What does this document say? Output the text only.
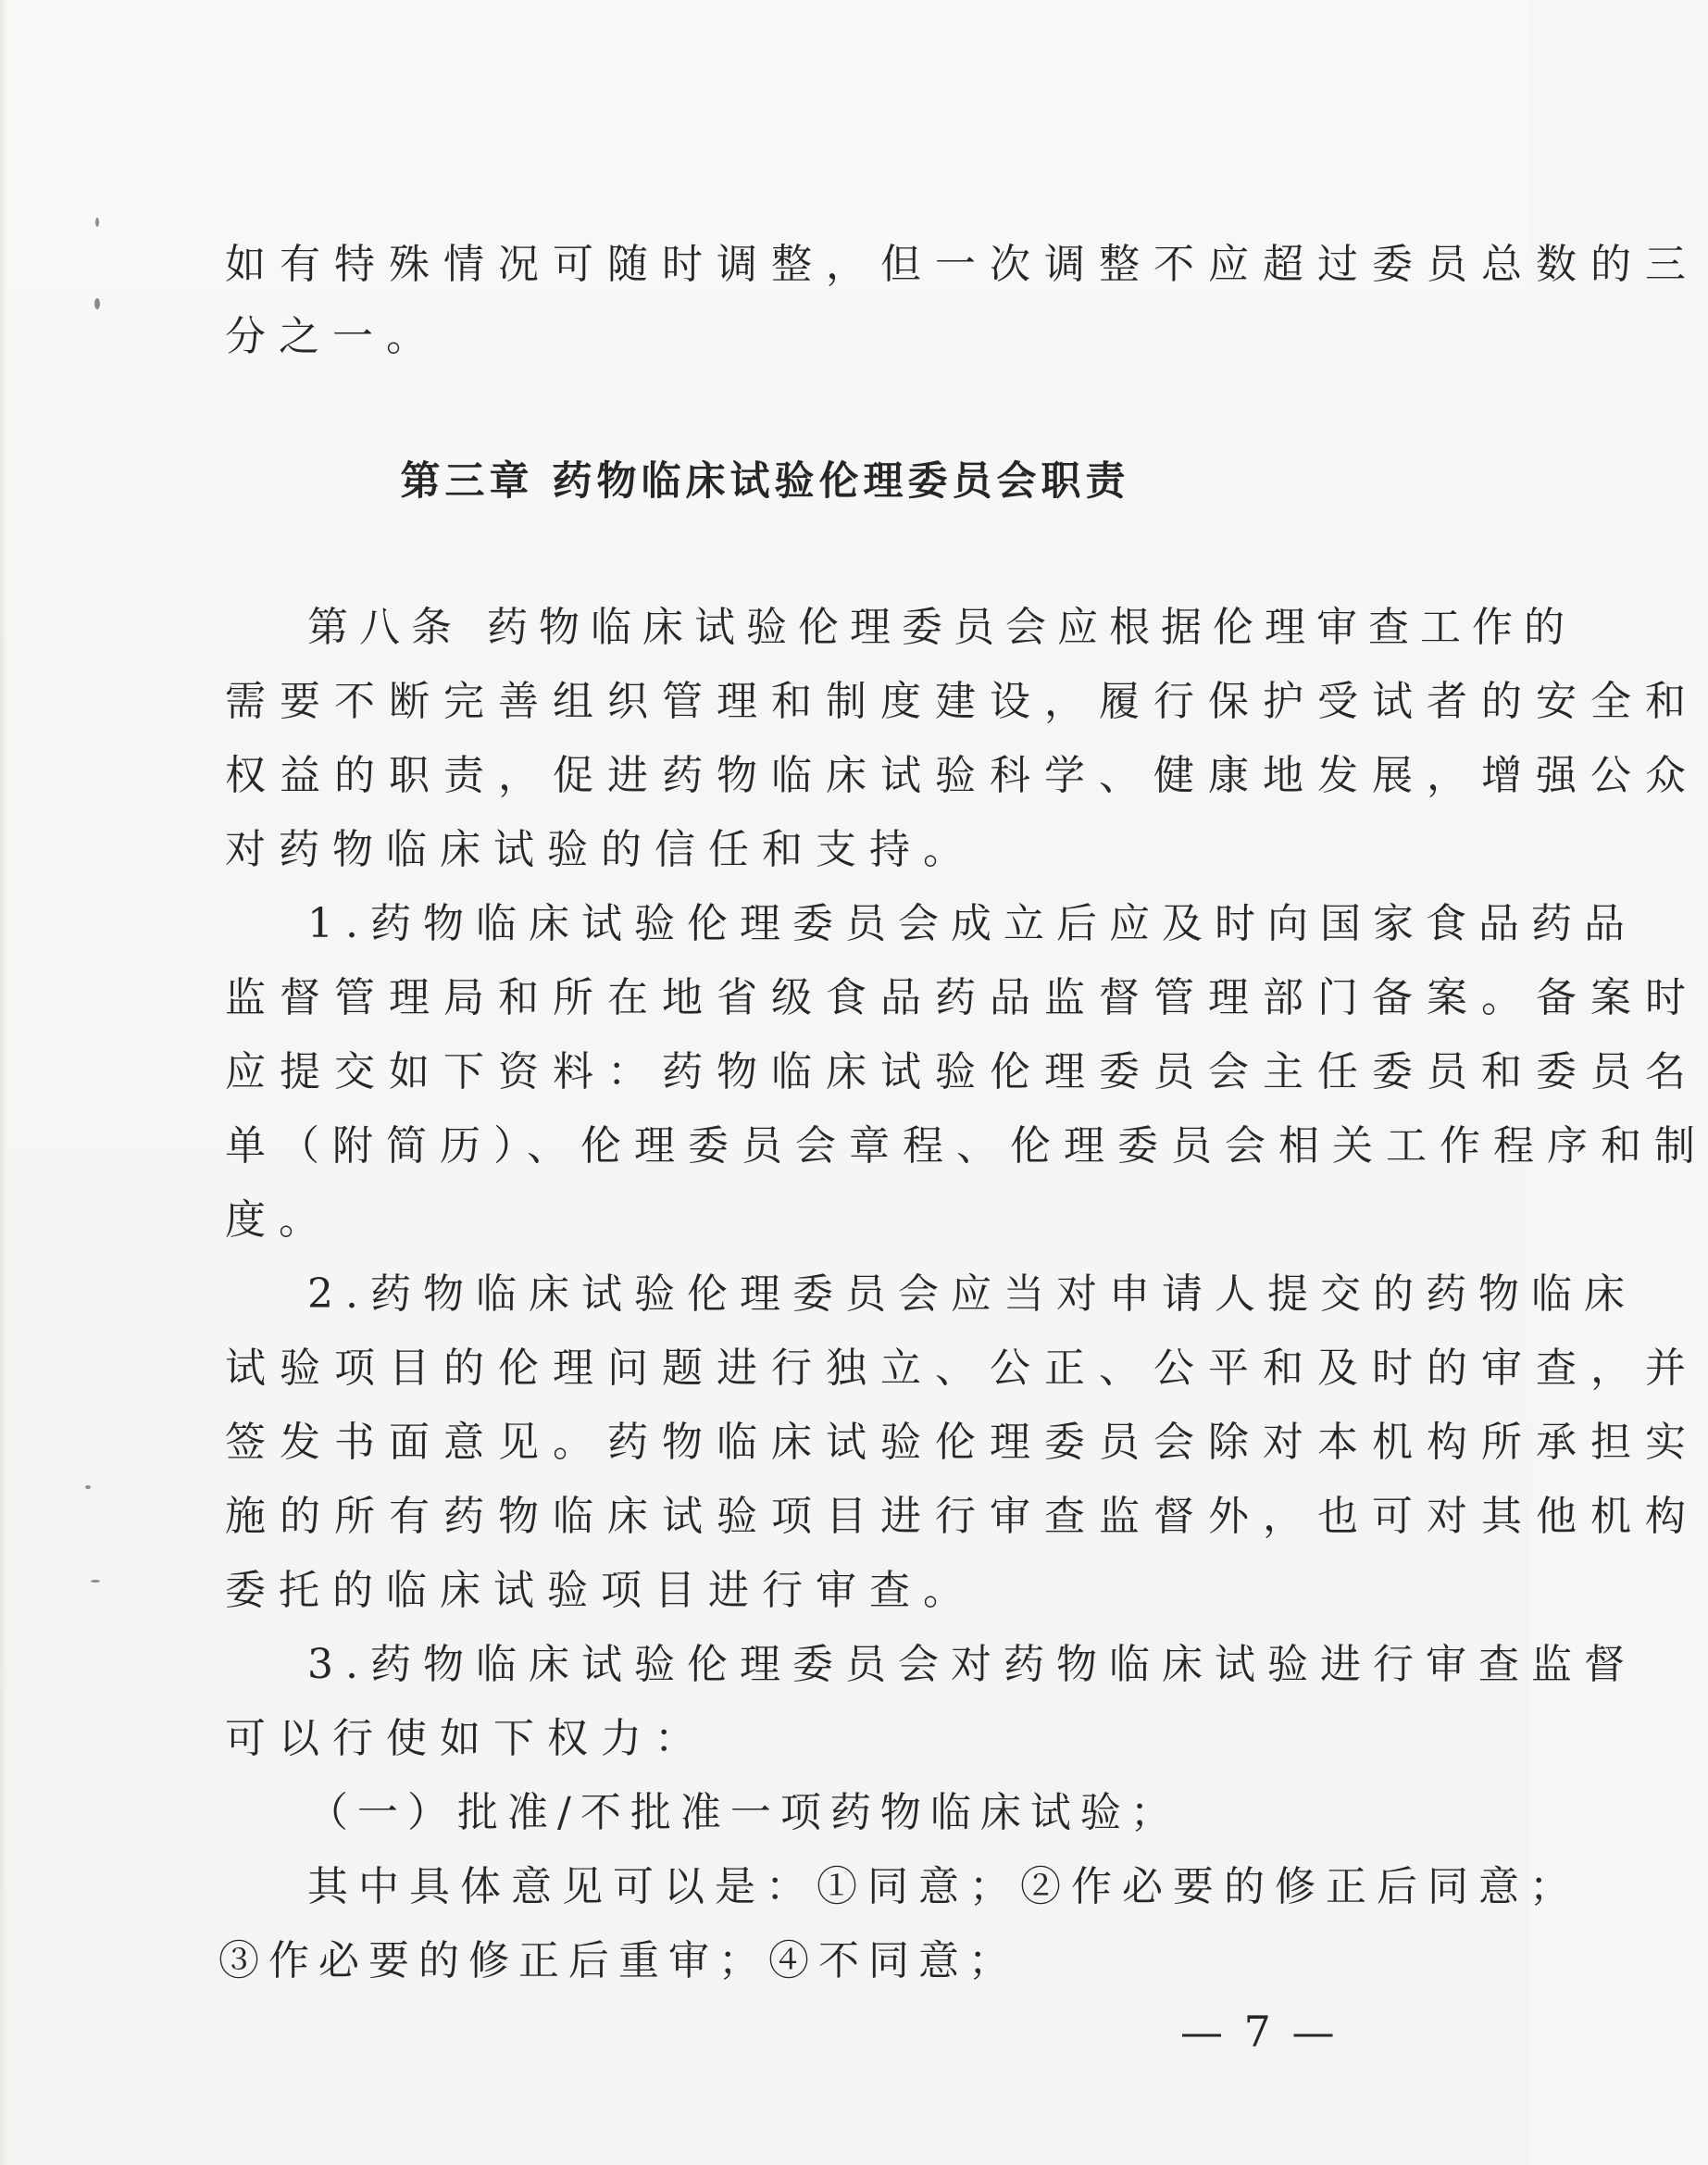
如有特殊情况可随时调整，但一次调整不应超过委员总数的三

分之一。

第三章 药物临床试验伦理委员会职责

第八条 药物临床试验伦理委员会应根据伦理审查工作的

需要不断完善组织管理和制度建设，履行保护受试者的安全和

权益的职责，促进药物临床试验科学、健康地发展，增强公众

对药物临床试验的信任和支持。

1.药物临床试验伦理委员会成立后应及时向国家食品药品

监督管理局和所在地省级食品药品监督管理部门备案。备案时

应提交如下资料：药物临床试验伦理委员会主任委员和委员名

单（附简历）、伦理委员会章程、伦理委员会相关工作程序和制

度。

2.药物临床试验伦理委员会应当对申请人提交的药物临床

试验项目的伦理问题进行独立、公正、公平和及时的审查，并

签发书面意见。药物临床试验伦理委员会除对本机构所承担实

施的所有药物临床试验项目进行审查监督外，也可对其他机构

委托的临床试验项目进行审查。

3.药物临床试验伦理委员会对药物临床试验进行审查监督

可以行使如下权力：

（一）批准/不批准一项药物临床试验；

其中具体意见可以是：①同意；②作必要的修正后同意；

③作必要的修正后重审；④不同意；

— 7 —
